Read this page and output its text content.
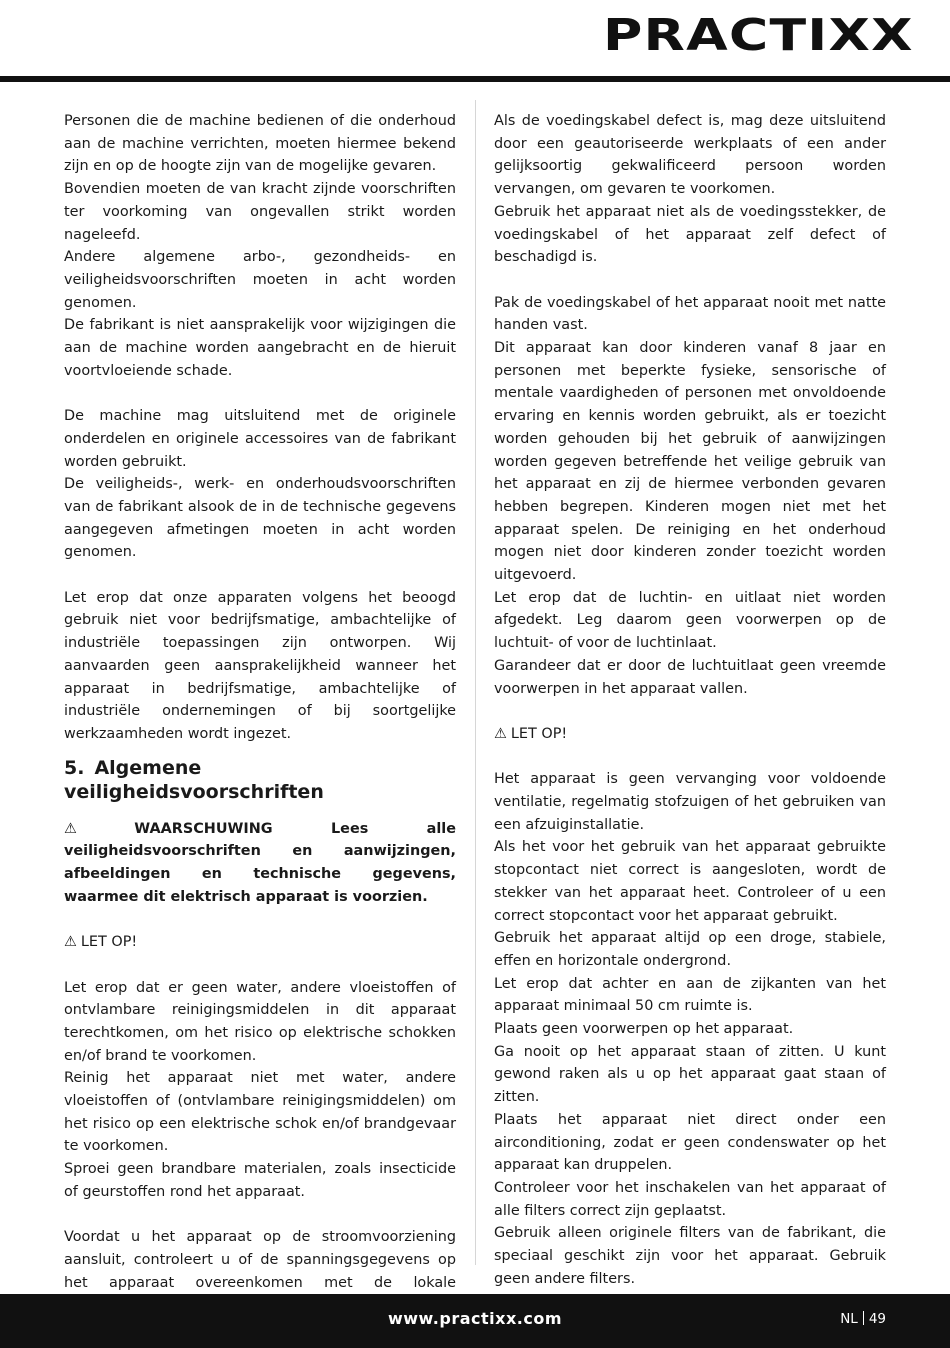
PRACTIXX

Personen die de machine bedienen of die onderhoud aan de machine verrichten, moeten hiermee bekend zijn en op de hoogte zijn van de mogelijke gevaren.

Bovendien moeten de van kracht zijnde voorschriften ter voorkoming van ongevallen strikt worden nageleefd.

Andere algemene arbo-, gezondheids- en veiligheidsvoorschriften moeten in acht worden genomen.

De fabrikant is niet aansprakelijk voor wijzigingen die aan de machine worden aangebracht en de hieruit voortvloeiende schade.

De machine mag uitsluitend met de originele onderdelen en originele accessoires van de fabrikant worden gebruikt.

De veiligheids-, werk- en onderhoudsvoorschriften van de fabrikant alsook de in de technische gegevens aangegeven afmetingen moeten in acht worden genomen.

Let erop dat onze apparaten volgens het beoogd gebruik niet voor bedrijfsmatige, ambachtelijke of industriële toepassingen zijn ontworpen. Wij aanvaarden geen aansprakelijkheid wanneer het apparaat in bedrijfsmatige, ambachtelijke of industriële ondernemingen of bij soortgelijke werkzaamheden wordt ingezet.

5. Algemene veiligheidsvoorschriften

⚠ WAARSCHUWING Lees alle veiligheidsvoorschriften en aanwijzingen, afbeeldingen en technische gegevens, waarmee dit elektrisch apparaat is voorzien.

⚠ LET OP!

Let erop dat er geen water, andere vloeistoffen of ontvlambare reinigingsmiddelen in dit apparaat terechtkomen, om het risico op elektrische schokken en/of brand te voorkomen.

Reinig het apparaat niet met water, andere vloeistoffen of (ontvlambare reinigingsmiddelen) om het risico op een elektrische schok en/of brandgevaar te voorkomen.

Sproei geen brandbare materialen, zoals insecticide of geurstoffen rond het apparaat.

Voordat u het apparaat op de stroomvoorziening aansluit, controleert u of de spanningsgegevens op het apparaat overeenkomen met de lokale

Als de voedingskabel defect is, mag deze uitsluitend door een geautoriseerde werkplaats of een ander gelijksoortig gekwalificeerd persoon worden vervangen, om gevaren te voorkomen.

Gebruik het apparaat niet als de voedingsstekker, de voedingskabel of het apparaat zelf defect of beschadigd is.

Pak de voedingskabel of het apparaat nooit met natte handen vast.

Dit apparaat kan door kinderen vanaf 8 jaar en personen met beperkte fysieke, sensorische of mentale vaardigheden of personen met onvoldoende ervaring en kennis worden gebruikt, als er toezicht worden gehouden bij het gebruik of aanwijzingen worden gegeven betreffende het veilige gebruik van het apparaat en zij de hiermee verbonden gevaren hebben begrepen. Kinderen mogen niet met het apparaat spelen. De reiniging en het onderhoud mogen niet door kinderen zonder toezicht worden uitgevoerd.

Let erop dat de luchtin- en uitlaat niet worden afgedekt. Leg daarom geen voorwerpen op de luchtuit- of voor de luchtinlaat.

Garandeer dat er door de luchtuitlaat geen vreemde voorwerpen in het apparaat vallen.

⚠ LET OP!

Het apparaat is geen vervanging voor voldoende ventilatie, regelmatig stofzuigen of het gebruiken van een afzuiginstallatie.

Als het voor het gebruik van het apparaat gebruikte stopcontact niet correct is aangesloten, wordt de stekker van het apparaat heet. Controleer of u een correct stopcontact voor het apparaat gebruikt.

Gebruik het apparaat altijd op een droge, stabiele, effen en horizontale ondergrond.

Let erop dat achter en aan de zijkanten van het apparaat minimaal 50 cm ruimte is.

Plaats geen voorwerpen op het apparaat.

Ga nooit op het apparaat staan of zitten. U kunt gewond raken als u op het apparaat gaat staan of zitten.

Plaats het apparaat niet direct onder een airconditioning, zodat er geen condenswater op het apparaat kan druppelen.

Controleer voor het inschakelen van het apparaat of alle filters correct zijn geplaatst.

Gebruik alleen originele filters van de fabrikant, die speciaal geschikt zijn voor het apparaat. Gebruik geen andere filters.

www.practixx.com	NL 49
